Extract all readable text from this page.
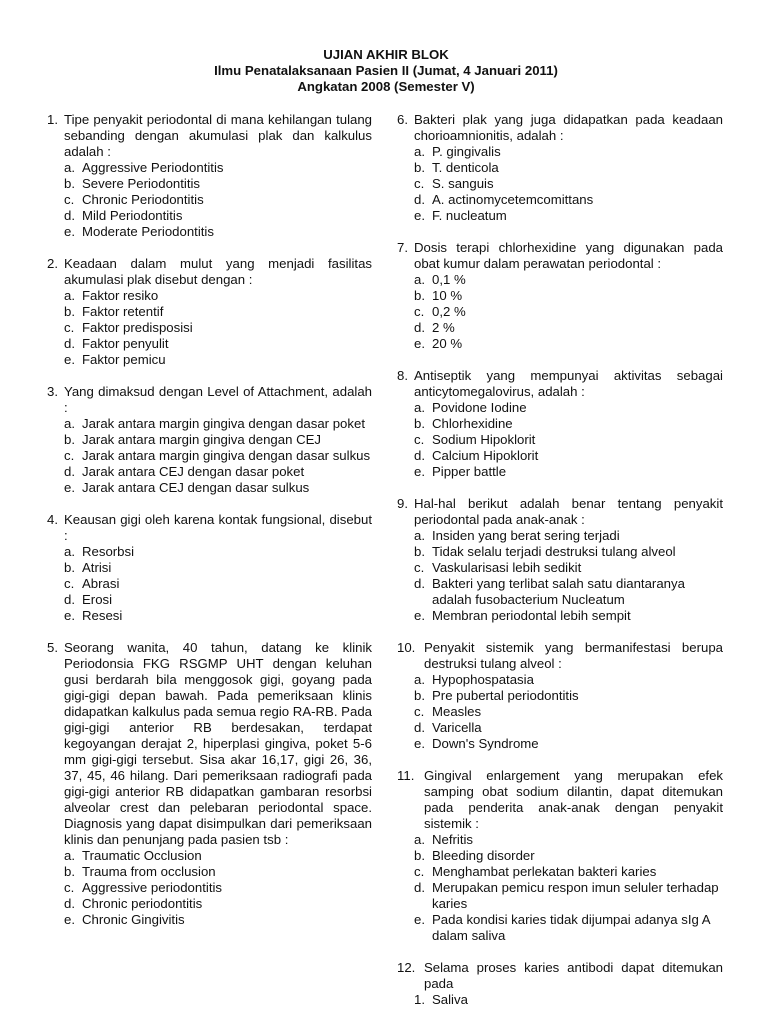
UJIAN AKHIR BLOK
Ilmu Penatalaksanaan Pasien II (Jumat, 4 Januari 2011)
Angkatan 2008 (Semester V)
1. Tipe penyakit periodontal di mana kehilangan tulang sebanding dengan akumulasi plak dan kalkulus adalah :
a. Aggressive Periodontitis
b. Severe Periodontitis
c. Chronic Periodontitis
d. Mild Periodontitis
e. Moderate Periodontitis
2. Keadaan dalam mulut yang menjadi fasilitas akumulasi plak disebut dengan :
a. Faktor resiko
b. Faktor retentif
c. Faktor predisposisi
d. Faktor penyulit
e. Faktor pemicu
3. Yang dimaksud dengan Level of Attachment, adalah :
a. Jarak antara margin gingiva dengan dasar poket
b. Jarak antara margin gingiva dengan CEJ
c. Jarak antara margin gingiva dengan dasar sulkus
d. Jarak antara CEJ dengan dasar poket
e. Jarak antara CEJ dengan dasar sulkus
4. Keausan gigi oleh karena kontak fungsional, disebut :
a. Resorbsi
b. Atrisi
c. Abrasi
d. Erosi
e. Resesi
5. Seorang wanita, 40 tahun, datang ke klinik Periodonsia FKG RSGMP UHT dengan keluhan gusi berdarah bila menggosok gigi, goyang pada gigi-gigi depan bawah. Pada pemeriksaan klinis didapatkan kalkulus pada semua regio RA-RB. Pada gigi-gigi anterior RB berdesakan, terdapat kegoyangan derajat 2, hiperplasi gingiva, poket 5-6 mm gigi-gigi tersebut. Sisa akar 16,17, gigi 26, 36, 37, 45, 46 hilang. Dari pemeriksaan radiografi pada gigi-gigi anterior RB didapatkan gambaran resorbsi alveolar crest dan pelebaran periodontal space. Diagnosis yang dapat disimpulkan dari pemeriksaan klinis dan penunjang pada pasien tsb :
a. Traumatic Occlusion
b. Trauma from occlusion
c. Aggressive periodontitis
d. Chronic periodontitis
e. Chronic Gingivitis
6. Bakteri plak yang juga didapatkan pada keadaan chorioamnionitis, adalah :
a. P. gingivalis
b. T. denticola
c. S. sanguis
d. A. actinomycetemcomittans
e. F. nucleatum
7. Dosis terapi chlorhexidine yang digunakan pada obat kumur dalam perawatan periodontal :
a. 0,1 %
b. 10 %
c. 0,2 %
d. 2 %
e. 20 %
8. Antiseptik yang mempunyai aktivitas sebagai anticytomegalovirus, adalah :
a. Povidone Iodine
b. Chlorhexidine
c. Sodium Hipoklorit
d. Calcium Hipoklorit
e. Pipper battle
9. Hal-hal berikut adalah benar tentang penyakit periodontal pada anak-anak :
a. Insiden yang berat sering terjadi
b. Tidak selalu terjadi destruksi tulang alveol
c. Vaskularisasi lebih sedikit
d. Bakteri yang terlibat salah satu diantaranya adalah fusobacterium Nucleatum
e. Membran periodontal lebih sempit
10. Penyakit sistemik yang bermanifestasi berupa destruksi tulang alveol :
a. Hypophospatasia
b. Pre pubertal periodontitis
c. Measles
d. Varicella
e. Down's Syndrome
11. Gingival enlargement yang merupakan efek samping obat sodium dilantin, dapat ditemukan pada penderita anak-anak dengan penyakit sistemik :
a. Nefritis
b. Bleeding disorder
c. Menghambat perlekatan bakteri karies
d. Merupakan pemicu respon imun seluler terhadap karies
e. Pada kondisi karies tidak dijumpai adanya sIg A dalam saliva
12. Selama proses karies antibodi dapat ditemukan pada
1. Saliva
